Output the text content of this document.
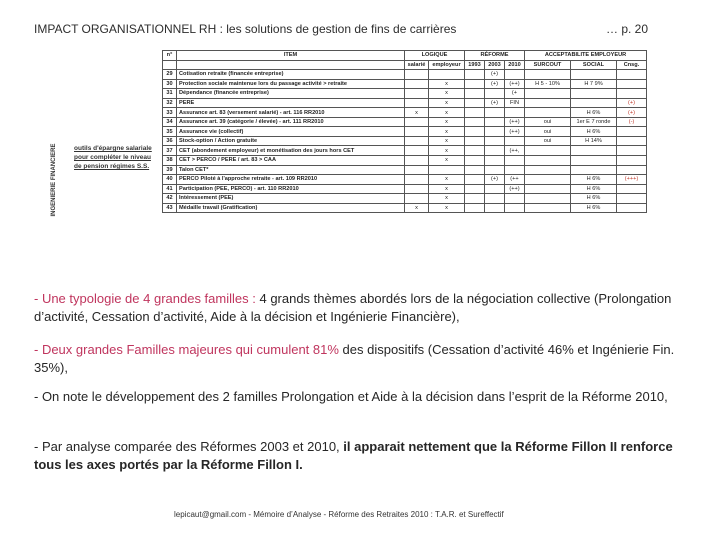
IMPACT ORGANISATIONNEL RH : les solutions de gestion de fins de carrières	… p. 20
INGENIERIE FINANCIERE	outils d'épargne salariale
pour compléter le niveau
de pension régimes S.S.
n°	ITEM	LOGIQUE		RÉFORME			ACCEPTABILITE EMPLOYEUR		
		salarié	employeur	1993	2003	2010	SURCOUT	SOCIAL	Cnsg.
29	Cotisation retraite (financée entreprise)				(+)				
30	Protection sociale maintenue lors du passage activité > retraite		x		(+)	(++)	H 5 - 10%	H 7 9%	
31	Dépendance (financée entreprise)		x			(+			
32	PERE		x		(+)	FIN			(+)
33	Assurance art. 83 (versement salarié) - art. 116 RR2010	x	x					H 6%	(+)
34	Assurance art. 39 (catégorie / élevée) - art. 111 RR2010		x			(++)	oui	1er E 7 ronde	(-)
35	Assurance vie (collectif)		x			(++)	oui	H 6%	
36	Stock-option / Action gratuite		x				oui	H 14%	
37	CET (abondement employeur) et monétisation des jours hors CET		x			(++,			
38	CET > PERCO / PERE / art. 83 > CAA		x						
39	Talon CET*								
40	PERCO Piloté à l'approche retraite - art. 109 RR2010		x		(+)	(++		H 6%	(+++)
41	Participation (PEE, PERCO) - art. 110 RR2010		x			(++)		H 6%	
42	Intéressement (PEE)		x					H 6%	
43	Médaille travail (Gratification)	x	x					H 6%	
- Une typologie de 4 grandes familles : 4 grands thèmes abordés lors de la négociation collective (Prolongation d’activité, Cessation d’activité, Aide à la décision et Ingénierie Financière),
- Deux grandes Familles majeures qui cumulent 81% des dispositifs (Cessation d’activité 46% et Ingénierie Fin. 35%),
- On note le développement des 2 familles Prolongation et Aide à la décision dans l’esprit de la Réforme 2010,
- Par analyse comparée des Réformes 2003 et 2010, il apparait nettement que la Réforme Fillon II renforce tous les axes portés par la Réforme Fillon I.
lepicaut@gmail.com - Mémoire d’Analyse - Réforme des Retraites 2010 : T.A.R. et Sureffectif
